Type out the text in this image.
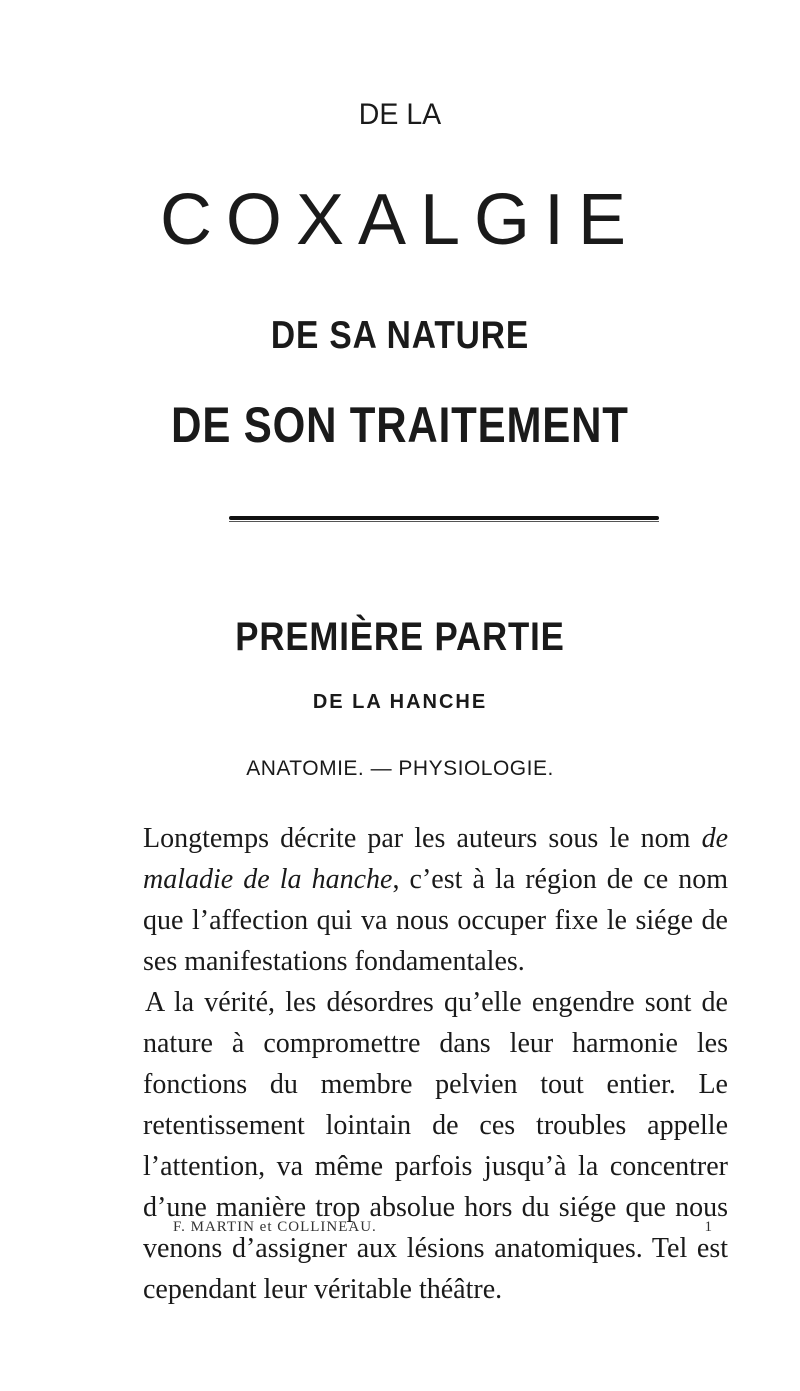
DE LA
COXALGIE
DE SA NATURE
DE SON TRAITEMENT
PREMIÈRE PARTIE
DE LA HANCHE
ANATOMIE. — PHYSIOLOGIE.

Longtemps décrite par les auteurs sous le nom de maladie de la hanche, c’est à la région de ce nom que l’affection qui va nous occuper fixe le siége de ses manifestations fondamentales.

A la vérité, les désordres qu’elle engendre sont de nature à compromettre dans leur harmonie les fonctions du membre pelvien tout entier. Le retentissement lointain de ces troubles appelle l’attention, va même parfois jusqu’à la concentrer d’une manière trop absolue hors du siége que nous venons d’assigner aux lésions anatomiques. Tel est cependant leur véritable théâtre.

F. MARTIN et COLLINEAU.	1
